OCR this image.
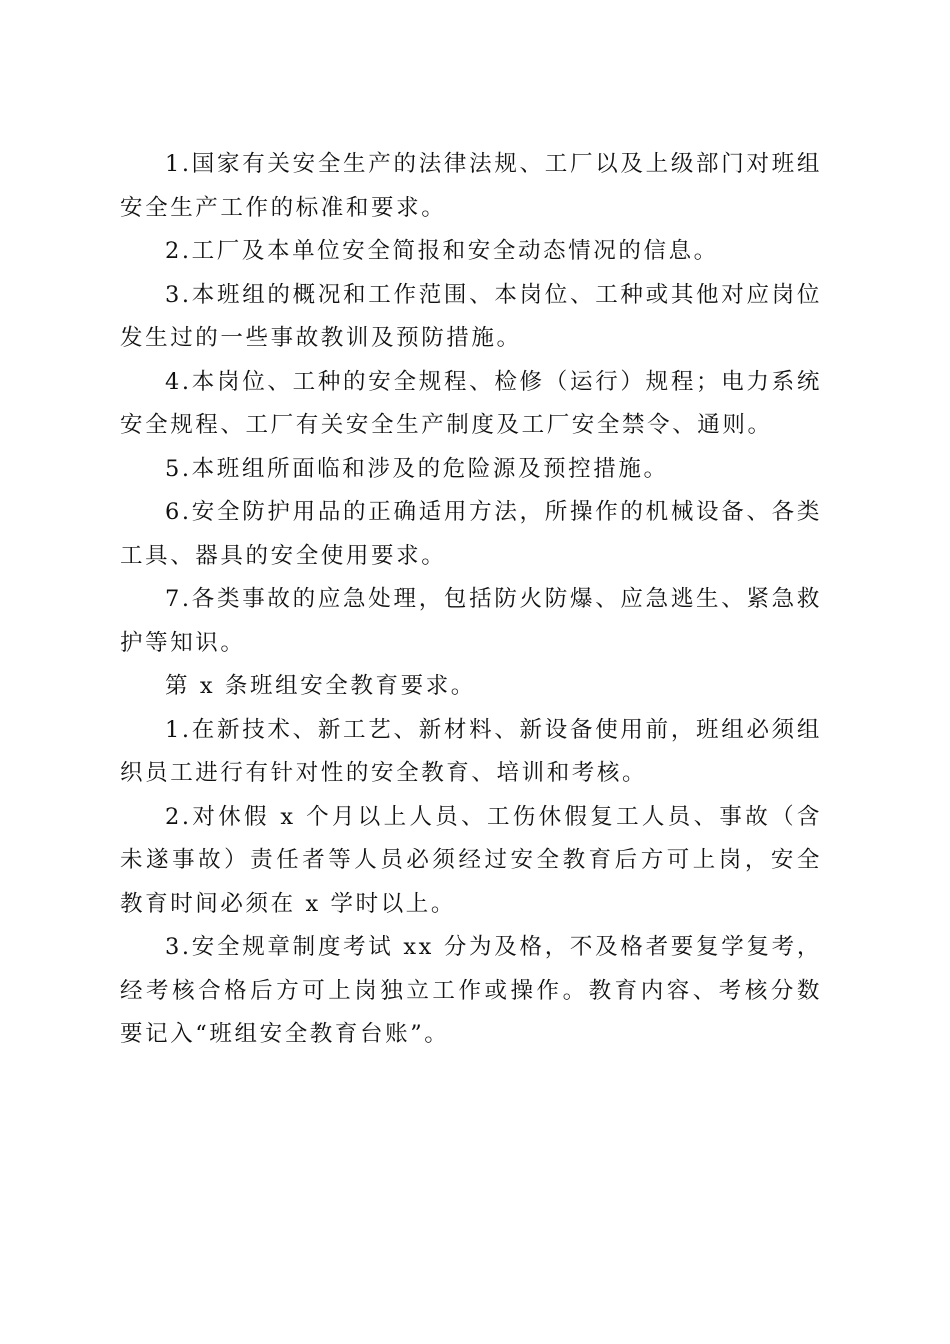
1.国家有关安全生产的法律法规、工厂以及上级部门对班组安全生产工作的标准和要求。

2.工厂及本单位安全简报和安全动态情况的信息。

3.本班组的概况和工作范围、本岗位、工种或其他对应岗位发生过的一些事故教训及预防措施。

4.本岗位、工种的安全规程、检修（运行）规程；电力系统安全规程、工厂有关安全生产制度及工厂安全禁令、通则。

5.本班组所面临和涉及的危险源及预控措施。

6.安全防护用品的正确适用方法，所操作的机械设备、各类工具、器具的安全使用要求。

7.各类事故的应急处理，包括防火防爆、应急逃生、紧急救护等知识。

第 x 条班组安全教育要求。

1.在新技术、新工艺、新材料、新设备使用前，班组必须组织员工进行有针对性的安全教育、培训和考核。

2.对休假 x 个月以上人员、工伤休假复工人员、事故（含未遂事故）责任者等人员必须经过安全教育后方可上岗，安全教育时间必须在 x 学时以上。

3.安全规章制度考试 xx 分为及格，不及格者要复学复考，经考核合格后方可上岗独立工作或操作。教育内容、考核分数要记入“班组安全教育台账”。
